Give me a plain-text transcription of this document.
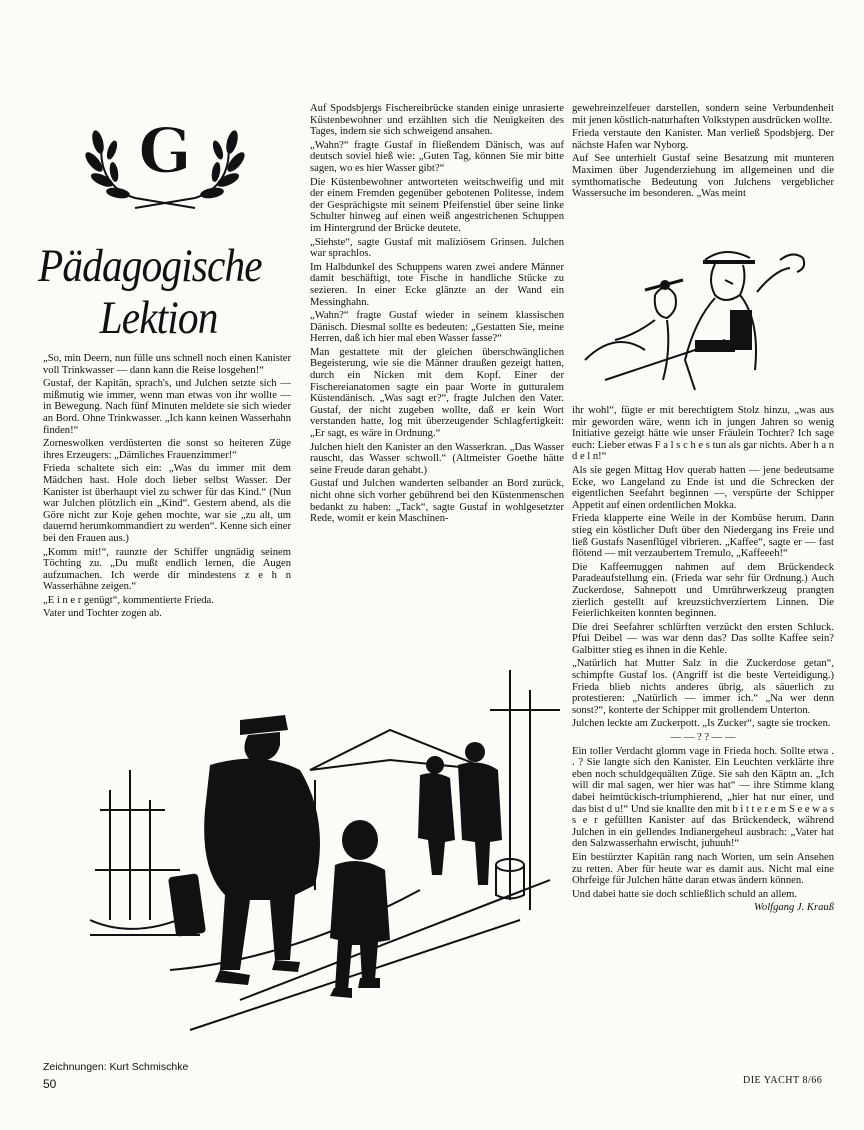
G
Pädagogische
Lektion

„So, min Deern, nun fülle uns schnell noch einen Kanister voll Trinkwasser — dann kann die Reise losgehen!“

Gustaf, der Kapitän, sprach's, und Julchen setzte sich — mißmutig wie immer, wenn man etwas von ihr wollte — in Bewegung. Nach fünf Minuten meldete sie sich wieder an Bord. Ohne Trinkwasser. „Ich kann keinen Wasserhahn finden!“

Zorneswolken verdüsterten die sonst so heiteren Züge ihres Erzeugers: „Dämliches Frauenzimmer!“

Frieda schaltete sich ein: „Was du immer mit dem Mädchen hast. Hole doch lieber selbst Wasser. Der Kanister ist überhaupt viel zu schwer für das Kind.“ (Nun war Julchen plötzlich ein „Kind“. Gestern abend, als die Göre nicht zur Koje gehen mochte, war sie „zu alt, um dauernd herumkommandiert zu werden“. Kenne sich einer bei den Frauen aus.)

„Komm mit!“, raunzte der Schiffer ungnädig seinem Töchting zu. „Du mußt endlich lernen, die Augen aufzumachen. Ich werde dir mindestens z e h n Wasserhähne zeigen.“

„E i n e r genügt“, kommentierte Frieda.

Vater und Tochter zogen ab.

Auf Spodsbjergs Fischereibrücke standen einige unrasierte Küstenbewohner und erzählten sich die Neuigkeiten des Tages, indem sie sich schweigend ansahen.

„Wahn?“ fragte Gustaf in fließendem Dänisch, was auf deutsch soviel hieß wie: „Guten Tag, können Sie mir bitte sagen, wo es hier Wasser gibt?“

Die Küstenbewohner antworteten weitschweifig und mit der einem Fremden gegenüber gebotenen Politesse, indem der Gesprächigste mit seinem Pfeifenstiel über seine linke Schulter hinweg auf einen weiß angestrichenen Schuppen im Hintergrund der Brücke deutete.

„Siehste“, sagte Gustaf mit maliziösem Grinsen. Julchen war sprachlos.

Im Halbdunkel des Schuppens waren zwei andere Männer damit beschäftigt, tote Fische in handliche Stücke zu sezieren. In einer Ecke glänzte an der Wand ein Messinghahn.

„Wahn?“ fragte Gustaf wieder in seinem klassischen Dänisch. Diesmal sollte es bedeuten: „Gestatten Sie, meine Herren, daß ich hier mal eben Wasser fasse?“

Man gestattete mit der gleichen überschwänglichen Begeisterung, wie sie die Männer draußen gezeigt hatten, durch ein Nicken mit dem Kopf. Einer der Fischereianatomen sagte ein paar Worte in gutturalem Küstendänisch. „Was sagt er?“, fragte Julchen den Vater. Gustaf, der nicht zugeben wollte, daß er kein Wort verstanden hatte, log mit überzeugender Schlagfertigkeit: „Er sagt, es wäre in Ordnung.“

Julchen hielt den Kanister an den Wasserkran. „Das Wasser rauscht, das Wasser schwoll.“ (Altmeister Goethe hätte seine Freude daran gehabt.)

Gustaf und Julchen wanderten selbander an Bord zurück, nicht ohne sich vorher gebührend bei den Küstenmenschen bedankt zu haben: „Tack“, sagte Gustaf in wohlgesetzter Rede, womit er kein Maschinen-

gewehreinzelfeuer darstellen, sondern seine Verbundenheit mit jenen köstlich-naturhaften Volkstypen ausdrücken wollte.

Frieda verstaute den Kanister. Man verließ Spodsbjerg. Der nächste Hafen war Nyborg.

Auf See unterhielt Gustaf seine Besatzung mit munteren Maximen über Jugenderziehung im allgemeinen und die symthomatische Bedeutung von Julchens vergeblicher Wassersuche im besonderen. „Was meint

ihr wohl“, fügte er mit berechtigtem Stolz hinzu, „was aus mir geworden wäre, wenn ich in jungen Jahren so wenig Initiative gezeigt hätte wie unser Fräulein Tochter? Ich sage euch: Lieber etwas F a l s c h e s tun als gar nichts. Aber h a n d e l n!“

Als sie gegen Mittag Hov querab hatten — jene bedeutsame Ecke, wo Langeland zu Ende ist und die Schrecken der eigentlichen Seefahrt beginnen —, verspürte der Schipper Appetit auf einen ordentlichen Mokka.

Frieda klapperte eine Weile in der Kombüse herum. Dann stieg ein köstlicher Duft über den Niedergang ins Freie und ließ Gustafs Nasenflügel vibrieren. „Kaffee“, sagte er — fast flötend — mit verzaubertem Tremulo, „Kaffeeeh!“

Die Kaffeemuggen nahmen auf dem Brückendeck Paradeaufstellung ein. (Frieda war sehr für Ordnung.) Auch Zuckerdose, Sahnepott und Umrührwerkzeug prangten zierlich gestellt auf kreuzstichverziertem Linnen. Die Feierlichkeiten konnten beginnen.

Die drei Seefahrer schlürften verzückt den ersten Schluck. Pfui Deibel — was war denn das? Das sollte Kaffee sein? Galbitter stieg es ihnen in die Kehle.

„Natürlich hat Mutter Salz in die Zuckerdose getan“, schimpfte Gustaf los. (Angriff ist die beste Verteidigung.) Frieda blieb nichts anderes übrig, als säuerlich zu protestieren: „Natürlich — immer ich.“ „Na wer denn sonst?“, konterte der Schipper mit grollendem Unterton.

Julchen leckte am Zuckerpott. „Is Zucker“, sagte sie trocken.

— — ? ? — —

Ein toller Verdacht glomm vage in Frieda hoch. Sollte etwa . . ? Sie langte sich den Kanister. Ein Leuchten verklärte ihre eben noch schuldgequälten Züge. Sie sah den Käptn an. „Ich will dir mal sagen, wer hier was hat“ — ihre Stimme klang dabei heimtückisch-triumphierend, „hier hat nur einer, und das bist d u!“ Und sie knallte den mit b i t t e r e m S e e w a s s e r gefüllten Kanister auf das Brückendeck, während Julchen in ein gellendes Indianergeheul ausbrach: „Vater hat den Salzwasserhahn erwischt, juhuuh!“

Ein bestürzter Kapitän rang nach Worten, um sein Ansehen zu retten. Aber für heute war es damit aus. Nicht mal eine Ohrfeige für Julchen hätte daran etwas ändern können.

Und dabei hatte sie doch schließlich schuld an allem.

Wolfgang J. Krauß

Zeichnungen: Kurt Schmischke
50	DIE YACHT 8/66
